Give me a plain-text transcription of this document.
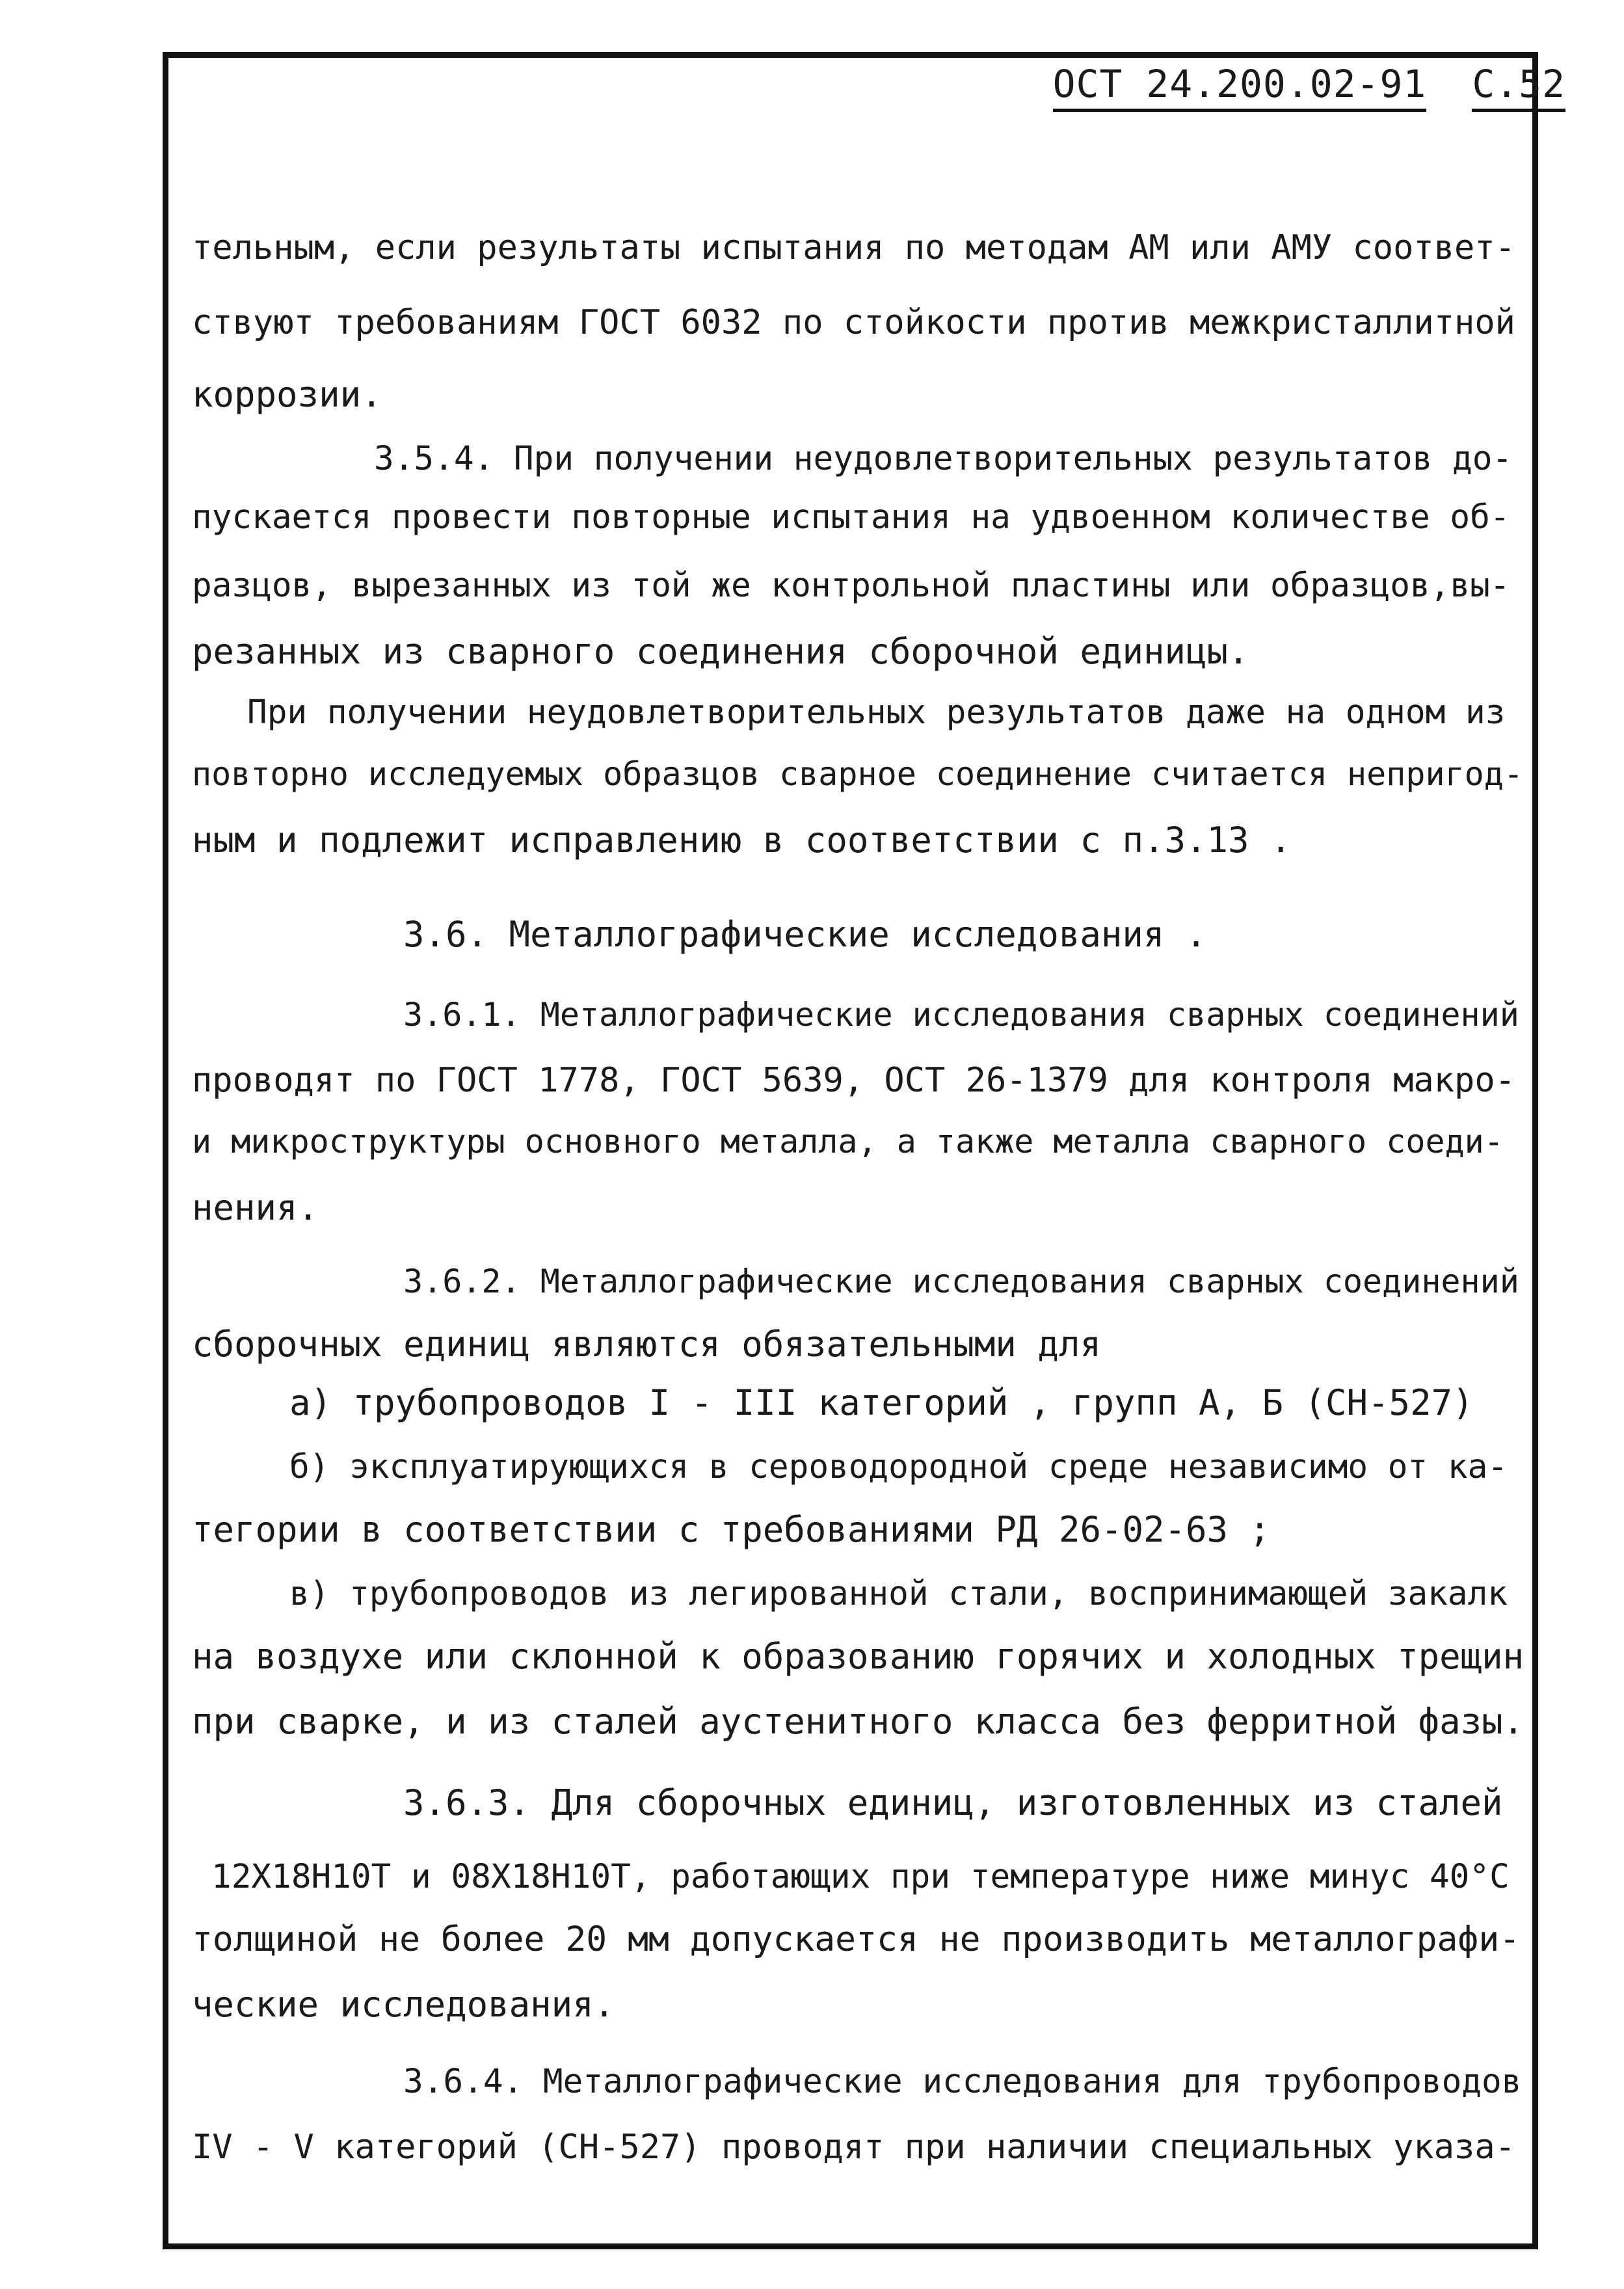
ОСТ 24.200.02-91 С.52
тельным, если результаты испытания по методам АМ или АМУ соответ-
ствуют требованиям ГОСТ 6032 по стойкости против межкристаллитной
коррозии.
3.5.4. При получении неудовлетворительных результатов до-
пускается провести повторные испытания на удвоенном количестве об-
разцов, вырезанных из той же контрольной пластины или образцов,вы-
резанных из сварного соединения сборочной единицы.
При получении неудовлетворительных результатов даже на одном из
повторно исследуемых образцов сварное соединение считается непригод-
ным и подлежит исправлению в соответствии с п.3.13 .
3.6. Металлографические исследования .
3.6.1. Металлографические исследования сварных соединений
проводят по ГОСТ 1778, ГОСТ 5639, ОСТ 26-1379 для контроля макро-
и микроструктуры основного металла, а также металла сварного соеди-
нения.
3.6.2. Металлографические исследования сварных соединений
сборочных единиц являются обязательными для
а) трубопроводов I - III категорий , групп А, Б (СН-527)
б) эксплуатирующихся в сероводородной среде независимо от ка-
тегории в соответствии с требованиями РД 26-02-63 ;
в) трубопроводов из легированной стали, воспринимающей закалк
на воздухе или склонной к образованию горячих и холодных трещин
при сварке, и из сталей аустенитного класса без ферритной фазы.
3.6.3. Для сборочных единиц, изготовленных из сталей
12Х18Н10Т и 08Х18Н10Т, работающих при температуре ниже минус 40°С
толщиной не более 20 мм допускается не производить металлографи-
ческие исследования.
3.6.4. Металлографические исследования для трубопроводов
IV - V категорий (СН-527) проводят при наличии специальных указа-
